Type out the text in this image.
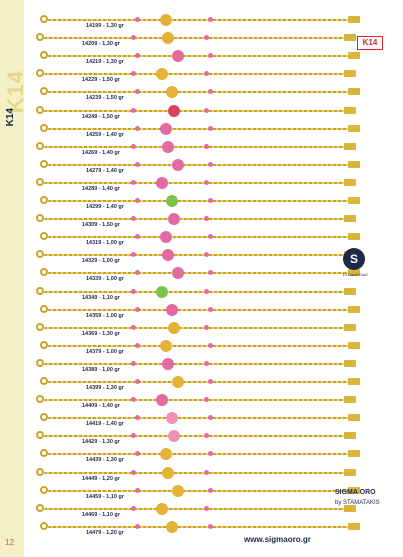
K14
K14
12
K14
14199 - 1,30 gr
14209 - 1,30 gr
14219 - 1,30 gr
14229 - 1,50 gr
14239 - 1,50 gr
14249 - 1,50 gr
14259 - 1,40 gr
14269 - 1,40 gr
14279 - 1,40 gr
14289 - 1,40 gr
14299 - 1,40 gr
14309 - 1,50 gr
14319 - 1,00 gr
14329 - 1,00 gr
14339 - 1,00 gr
14349 - 1,10 gr
14359 - 1,00 gr
14369 - 1,30 gr
14379 - 1,00 gr
14389 - 1,00 gr
14399 - 1,30 gr
14409 - 1,40 gr
14419 - 1,40 gr
14429 - 1,30 gr
14439 - 1,30 gr
14449 - 1,20 gr
14459 - 1,10 gr
14469 - 1,10 gr
14479 - 1,20 gr
S
14 Carat Gold
SIGMA ORO
by STAMATAKIS
www.sigmaoro.gr
